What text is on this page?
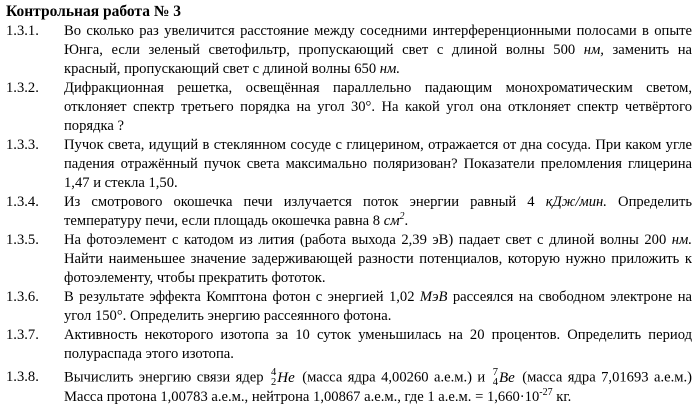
Контрольная работа № 3
1.3.1.	Во сколько раз увеличится расстояние между соседними интерференционными полосами в опыте Юнга, если зеленый светофильтр, пропускающий свет с длиной волны 500 нм, заменить на красный, пропускающий свет с длиной волны 650 нм.
1.3.2.	Дифракционная решетка, освещённая параллельно падающим монохроматическим светом, отклоняет спектр третьего порядка на угол 30°. На какой угол она отклоняет спектр четвёртого порядка ?
1.3.3.	Пучок света, идущий в стеклянном сосуде с глицерином, отражается от дна сосуда. При каком угле падения отражённый пучок света максимально поляризован? Показатели преломления глицерина 1,47 и стекла 1,50.
1.3.4.	Из смотрового окошечка печи излучается поток энергии равный 4 кДж/мин. Определить температуру печи, если площадь окошечка равна 8 $см^2$.
1.3.5.	На фотоэлемент с катодом из лития (работа выхода 2,39 эВ) падает свет с длиной волны 200 нм. Найти наименьшее значение задерживающей разности потенциалов, которую нужно приложить к фотоэлементу, чтобы прекратить фототок.
1.3.6.	В результате эффекта Комптона фотон с энергией 1,02 МэВ рассеялся на свободном электроне на угол 150°. Определить энергию рассеянного фотона.
1.3.7.	Активность некоторого изотопа за 10 суток уменьшилась на 20 процентов. Определить период полураспада этого изотопа.
1.3.8.	Вычислить энергию связи ядер 4
2 He (масса ядра 4,00260 а.е.м.) и 7
4 Be (масса ядра 7,01693 а.е.м.) Масса протона 1,00783 а.е.м., нейтрона 1,00867 а.е.м., где 1 а.е.м. = $1,660\cdot 10^{-27}$ кг.
